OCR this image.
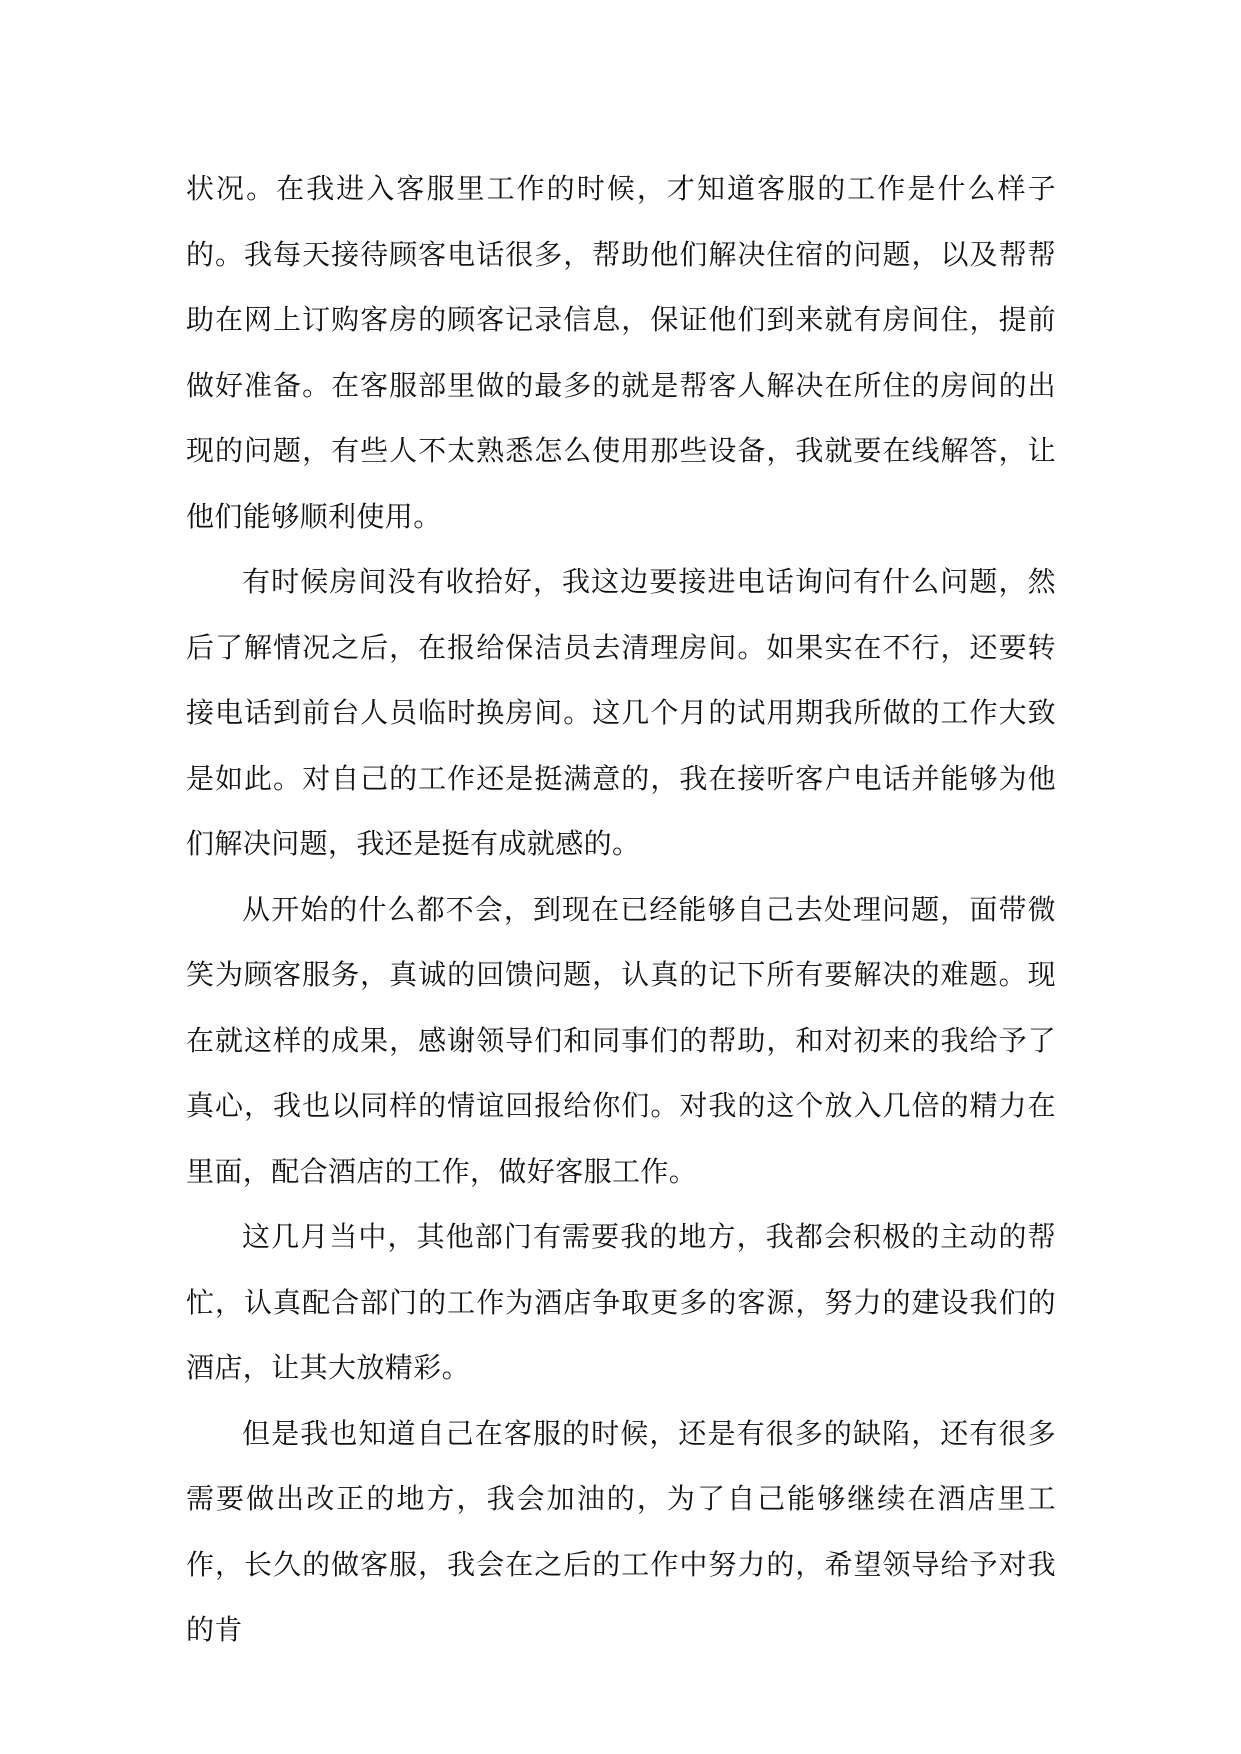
状况。在我进入客服里工作的时候，才知道客服的工作是什么样子的。我每天接待顾客电话很多，帮助他们解决住宿的问题，以及帮帮助在网上订购客房的顾客记录信息，保证他们到来就有房间住，提前做好准备。在客服部里做的最多的就是帮客人解决在所住的房间的出现的问题，有些人不太熟悉怎么使用那些设备，我就要在线解答，让他们能够顺利使用。

有时候房间没有收拾好，我这边要接进电话询问有什么问题，然后了解情况之后，在报给保洁员去清理房间。如果实在不行，还要转接电话到前台人员临时换房间。这几个月的试用期我所做的工作大致是如此。对自己的工作还是挺满意的，我在接听客户电话并能够为他们解决问题，我还是挺有成就感的。

从开始的什么都不会，到现在已经能够自己去处理问题，面带微笑为顾客服务，真诚的回馈问题，认真的记下所有要解决的难题。现在就这样的成果，感谢领导们和同事们的帮助，和对初来的我给予了真心，我也以同样的情谊回报给你们。对我的这个放入几倍的精力在里面，配合酒店的工作，做好客服工作。

这几月当中，其他部门有需要我的地方，我都会积极的主动的帮忙，认真配合部门的工作为酒店争取更多的客源，努力的建设我们的酒店，让其大放精彩。

但是我也知道自己在客服的时候，还是有很多的缺陷，还有很多需要做出改正的地方，我会加油的，为了自己能够继续在酒店里工作，长久的做客服，我会在之后的工作中努力的，希望领导给予对我的肯
